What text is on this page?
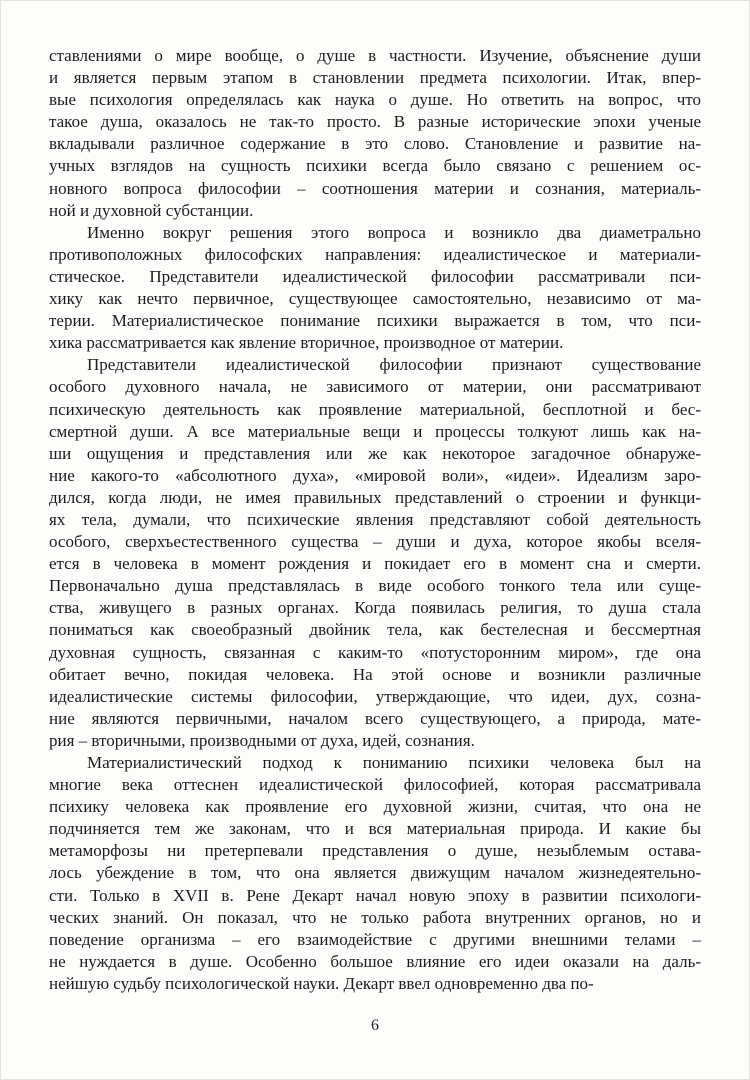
ставлениями о мире вообще, о душе в частности. Изучение, объяснение души
и является первым этапом в становлении предмета психологии. Итак, впер-
вые психология определялась как наука о душе. Но ответить на вопрос, что
такое душа, оказалось не так-то просто. В разные исторические эпохи ученые
вкладывали различное содержание в это слово. Становление и развитие на-
учных взглядов на сущность психики всегда было связано с решением ос-
новного вопроса философии – соотношения материи и сознания, материаль-
ной и духовной субстанции.
Именно вокруг решения этого вопроса и возникло два диаметрально
противоположных философских направления: идеалистическое и материали-
стическое. Представители идеалистической философии рассматривали пси-
хику как нечто первичное, существующее самостоятельно, независимо от ма-
терии. Материалистическое понимание психики выражается в том, что пси-
хика рассматривается как явление вторичное, производное от материи.
Представители идеалистической философии признают существование
особого духовного начала, не зависимого от материи, они рассматривают
психическую деятельность как проявление материальной, бесплотной и бес-
смертной души. А все материальные вещи и процессы толкуют лишь как на-
ши ощущения и представления или же как некоторое загадочное обнаруже-
ние какого-то «абсолютного духа», «мировой воли», «идеи». Идеализм заро-
дился, когда люди, не имея правильных представлений о строении и функци-
ях тела, думали, что психические явления представляют собой деятельность
особого, сверхъестественного существа – души и духа, которое якобы вселя-
ется в человека в момент рождения и покидает его в момент сна и смерти.
Первоначально душа представлялась в виде особого тонкого тела или суще-
ства, живущего в разных органах. Когда появилась религия, то душа стала
пониматься как своеобразный двойник тела, как бестелесная и бессмертная
духовная сущность, связанная с каким-то «потусторонним миром», где она
обитает вечно, покидая человека. На этой основе и возникли различные
идеалистические системы философии, утверждающие, что идеи, дух, созна-
ние являются первичными, началом всего существующего, а природа, мате-
рия – вторичными, производными от духа, идей, сознания.
Материалистический подход к пониманию психики человека был на
многие века оттеснен идеалистической философией, которая рассматривала
психику человека как проявление его духовной жизни, считая, что она не
подчиняется тем же законам, что и вся материальная природа. И какие бы
метаморфозы ни претерпевали представления о душе, незыблемым остава-
лось убеждение в том, что она является движущим началом жизнедеятельно-
сти. Только в XVII в. Рене Декарт начал новую эпоху в развитии психологи-
ческих знаний. Он показал, что не только работа внутренних органов, но и
поведение организма – его взаимодействие с другими внешними телами –
не нуждается в душе. Особенно большое влияние его идеи оказали на даль-
нейшую судьбу психологической науки. Декарт ввел одновременно два по-
6
